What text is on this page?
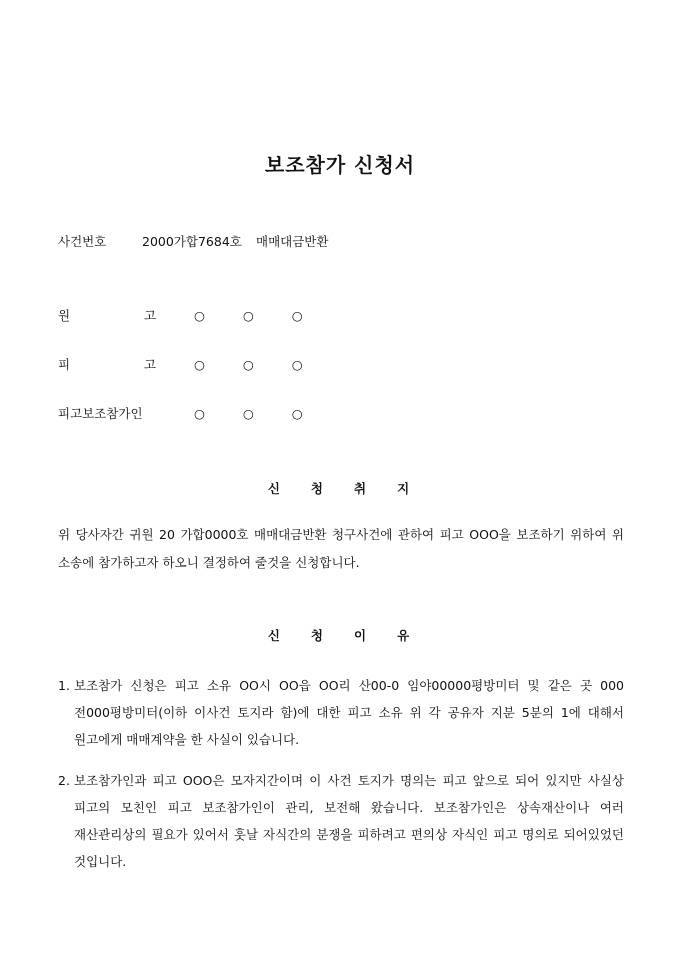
보조참가 신청서
사건번호	2000가합7684호 매매대금반환
원	고	○ ○ ○
피	고	○ ○ ○
피고보조참가인	○ ○ ○
신청취지
위 당사자간 귀원 20 가합0000호 매매대금반환 청구사건에 관하여 피고 OOO을 보조하기 위하여 위 소송에 참가하고자 하오니 결정하여 줄것을 신청합니다.
신청이유
1. 보조참가 신청은 피고 소유 OO시 OO읍 OO리 산00-0 임야00000평방미터 및 같은 곳 000 전000평방미터(이하 이사건 토지라 함)에 대한 피고 소유 위 각 공유자 지분 5분의 1에 대해서 원고에게 매매계약을 한 사실이 있습니다.
2. 보조참가인과 피고 OOO은 모자지간이며 이 사건 토지가 명의는 피고 앞으로 되어 있지만 사실상 피고의 모친인 피고 보조참가인이 관리, 보전해 왔습니다. 보조참가인은 상속재산이나 여러 재산관리상의 필요가 있어서 훗날 자식간의 분쟁을 피하려고 편의상 자식인 피고 명의로 되어있었던 것입니다.
